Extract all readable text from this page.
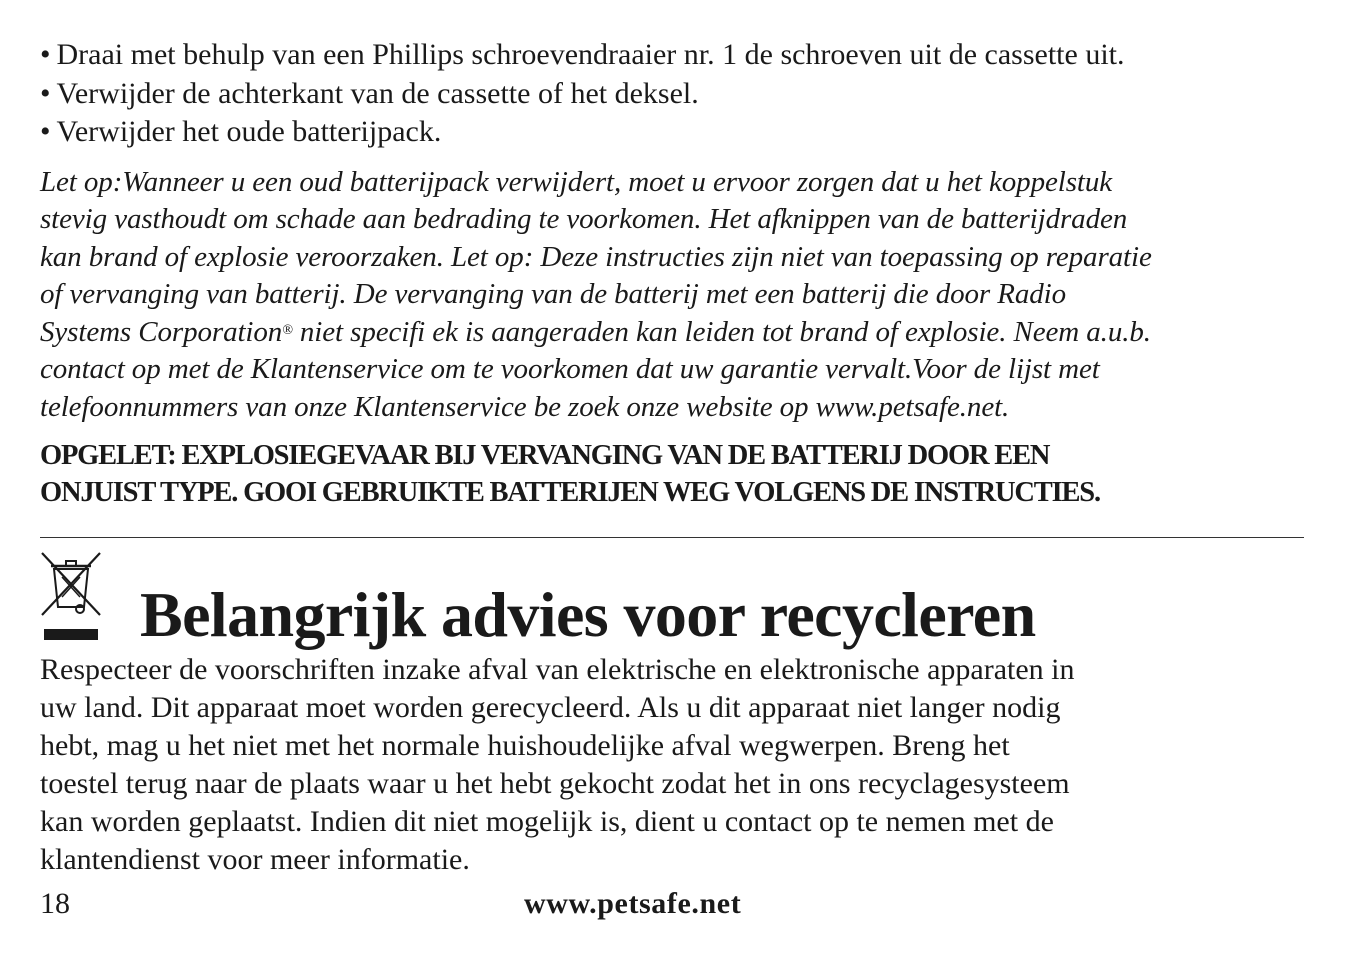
• Draai met behulp van een Phillips schroevendraaier nr. 1 de schroeven uit de cassette uit.
• Verwijder de achterkant van de cassette of het deksel.
• Verwijder het oude batterijpack.

Let op:Wanneer u een oud batterijpack verwijdert, moet u ervoor zorgen dat u het koppelstuk
stevig vasthoudt om schade aan bedrading te voorkomen. Het afknippen van de batterijdraden
kan brand of explosie veroorzaken. Let op: Deze instructies zijn niet van toepassing op reparatie
of vervanging van batterij. De vervanging van de batterij met een batterij die door Radio
Systems Corporation® niet specifi ek is aangeraden kan leiden tot brand of explosie. Neem a.u.b.
contact op met de Klantenservice om te voorkomen dat uw garantie vervalt.Voor de lijst met
telefoonnummers van onze Klantenservice be zoek onze website op www.petsafe.net.

OPGELET: EXPLOSIEGEVAAR BIJ VERVANGING VAN DE BATTERIJ DOOR EEN
ONJUIST TYPE. GOOI GEBRUIKTE BATTERIJEN WEG VOLGENS DE INSTRUCTIES.

Belangrijk advies voor recycleren

Respecteer de voorschriften inzake afval van elektrische en elektronische apparaten in
uw land. Dit apparaat moet worden gerecycleerd. Als u dit apparaat niet langer nodig
hebt, mag u het niet met het normale huishoudelijke afval wegwerpen. Breng het
toestel terug naar de plaats waar u het hebt gekocht zodat het in ons recyclagesysteem
kan worden geplaatst. Indien dit niet mogelijk is, dient u contact op te nemen met de
klantendienst voor meer informatie.

18	www.petsafe.net
